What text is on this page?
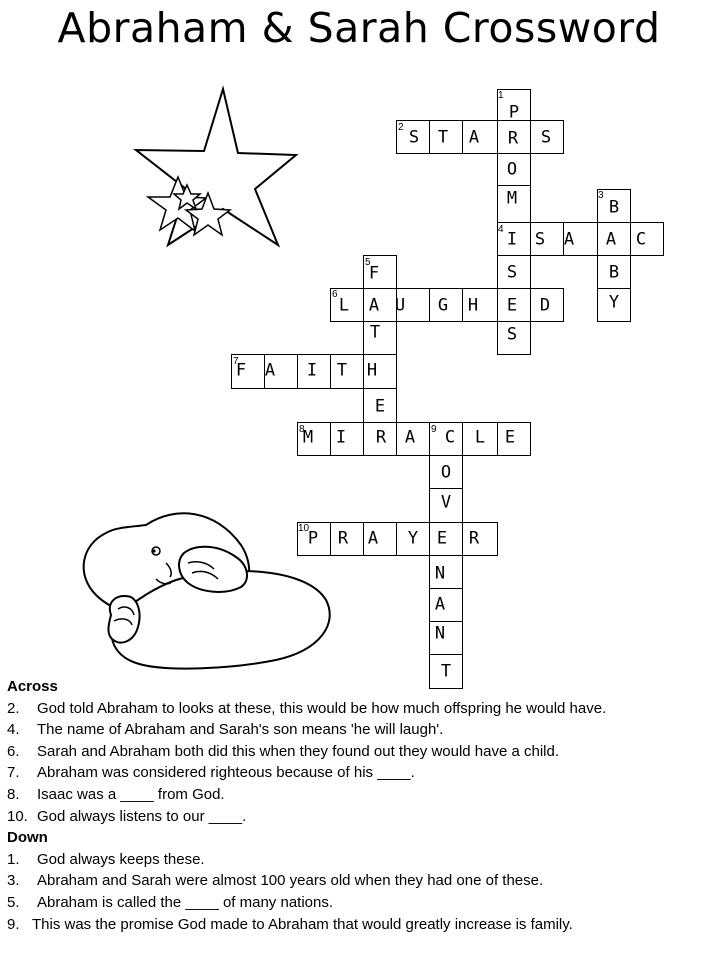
Abraham & Sarah Crossword
1
2
3
4
5
6
7
8	9
10
P
R
O
M
I
S
E
S
S T A	S
B
B
Y
S A A C
F
T
H
E
L A U G H	D
F A I T
M I R A C L E
O
V
N
A
N
T
P R A Y E R
Across
2.	God told Abraham to looks at these, this would be how much offspring he would have.
4.	The name of Abraham and Sarah's son means 'he will laugh'.
6.	Sarah and Abraham both did this when they found out they would have a child.
7.	Abraham was considered righteous because of his ____.
8.	Isaac was a ____ from God.
10. God always listens to our ____.
Down
1.	God always keeps these.
3.	Abraham and Sarah were almost 100 years old when they had one of these.
5.	Abraham is called the ____ of many nations.
9. This was the promise God made to Abraham that would greatly increase is family.
